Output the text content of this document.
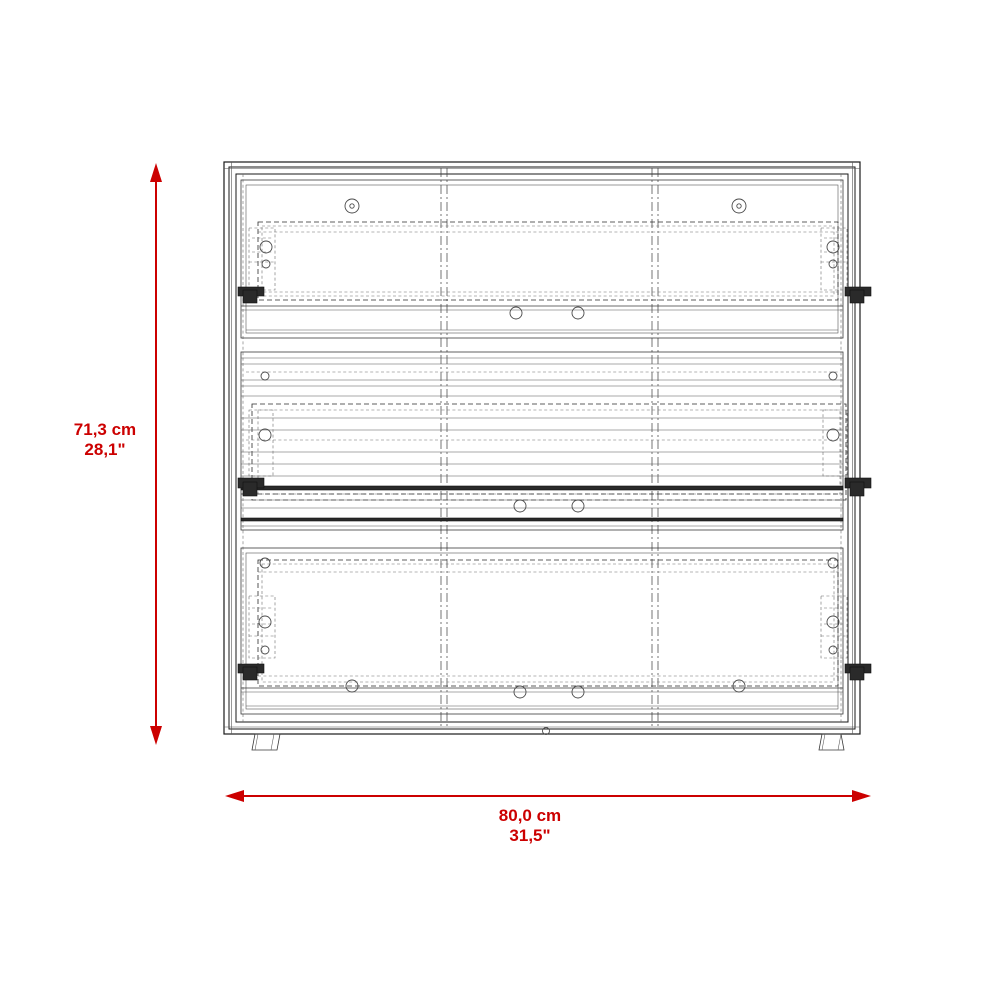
71,3 cm
28,1"
80,0 cm
31,5"
